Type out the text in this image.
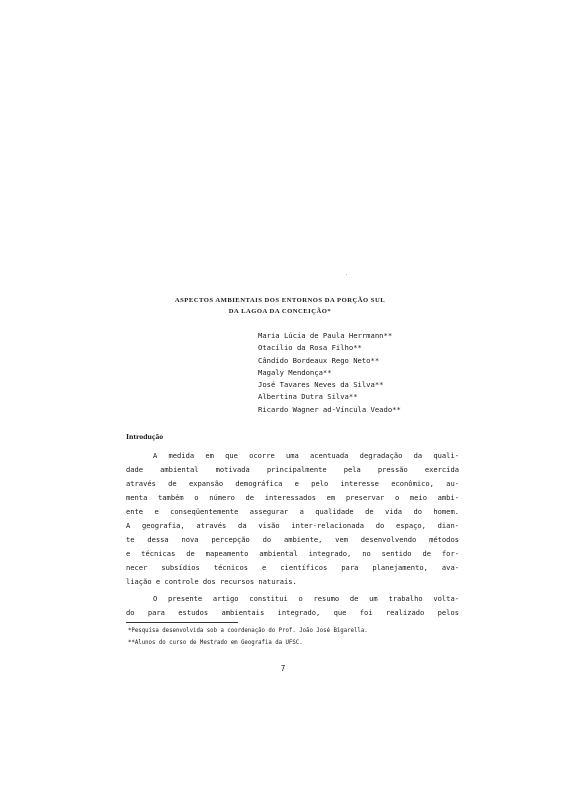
ASPECTOS AMBIENTAIS DOS ENTORNOS DA PORÇÃO SUL
DA LAGOA DA CONCEIÇÃO*
Maria Lúcia de Paula Herrmann**
Otacílio da Rosa Filho**
Cândido Bordeaux Rego Neto**
Magaly Mendonça**
José Tavares Neves da Silva**
Albertina Dutra Silva**
Ricardo Wagner ad-Víncula Veado**
Introdução
A medida em que ocorre uma acentuada degradação da quali-
dade ambiental motivada principalmente pela pressão exercida
através de expansão demográfica e pelo interesse econômico, au-
menta também o número de interessados em preservar o meio ambi-
ente e conseqüentemente assegurar a qualidade de vida do homem.
A geografia, através da visão inter-relacionada do espaço, dian-
te dessa nova percepção do ambiente, vem desenvolvendo métodos
e técnicas de mapeamento ambiental integrado, no sentido de for-
necer subsídios técnicos e científicos para planejamento, ava-
liação e controle dos recursos naturais.
O presente artigo constitui o resumo de um trabalho volta-
do para estudos ambientais integrado, que foi realizado pelos
*Pesquisa desenvolvida sob a coordenação do Prof. João José Bigarella.
**Alunos do curso de Mestrado em Geografia da UFSC.
7
